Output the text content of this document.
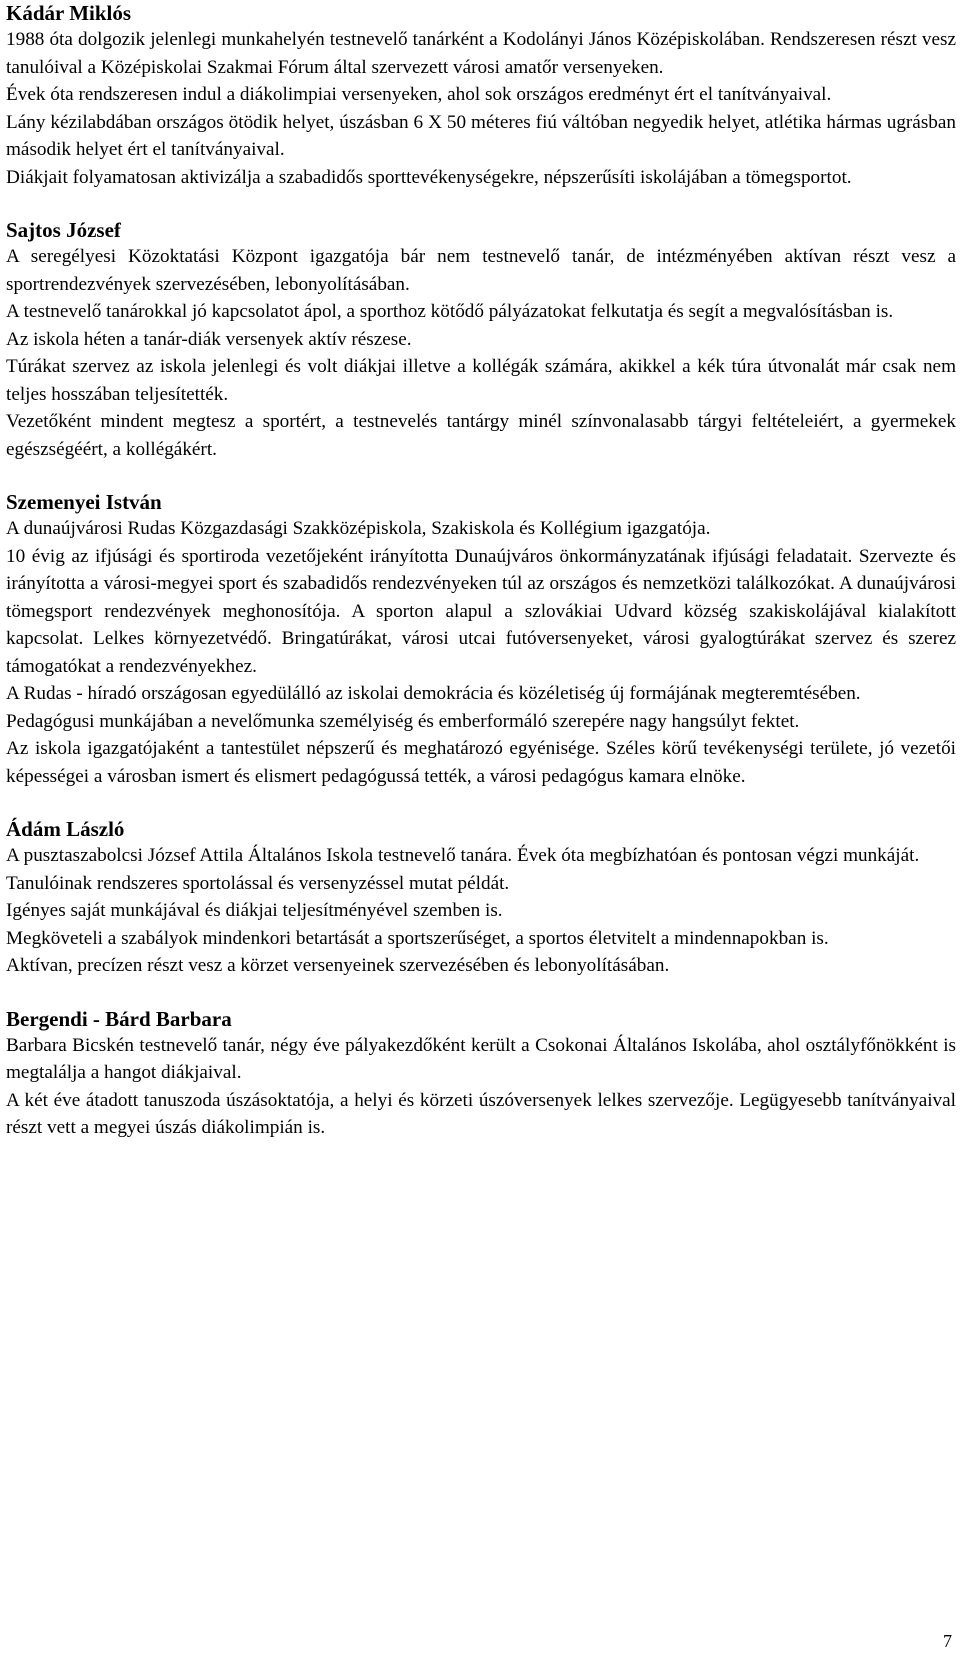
Kádár Miklós

1988 óta dolgozik jelenlegi munkahelyén testnevelő tanárként a Kodolányi János Középiskolában. Rendszeresen részt vesz tanulóival a Középiskolai Szakmai Fórum által szervezett városi amatőr versenyeken.

Évek óta rendszeresen indul a diákolimpiai versenyeken, ahol sok országos eredményt ért el tanítványaival.

Lány kézilabdában országos ötödik helyet, úszásban 6 X 50 méteres fiú váltóban negyedik helyet, atlétika hármas ugrásban második helyet ért el tanítványaival.

Diákjait folyamatosan aktivizálja a szabadidős sporttevékenységekre, népszerűsíti iskolájában a tömegsportot.

Sajtos József

A seregélyesi Közoktatási Központ igazgatója bár nem testnevelő tanár, de intézményében aktívan részt vesz a sportrendezvények szervezésében, lebonyolításában.

A testnevelő tanárokkal jó kapcsolatot ápol, a sporthoz kötődő pályázatokat felkutatja és segít a megvalósításban is.

Az iskola héten a tanár-diák versenyek aktív részese.

Túrákat szervez az iskola jelenlegi és volt diákjai illetve a kollégák számára, akikkel a kék túra útvonalát már csak nem teljes hosszában teljesítették.

Vezetőként mindent megtesz a sportért, a testnevelés tantárgy minél színvonalasabb tárgyi feltételeiért, a gyermekek egészségéért, a kollégákért.

Szemenyei István

A dunaújvárosi Rudas Közgazdasági Szakközépiskola, Szakiskola és Kollégium igazgatója.

10 évig az ifjúsági és sportiroda vezetőjeként irányította Dunaújváros önkormányzatának ifjúsági feladatait. Szervezte és irányította a városi-megyei sport és szabadidős rendezvényeken túl az országos és nemzetközi találkozókat. A dunaújvárosi tömegsport rendezvények meghonosítója. A sporton alapul a szlovákiai Udvard község szakiskolájával kialakított kapcsolat. Lelkes környezetvédő. Bringatúrákat, városi utcai futóversenyeket, városi gyalogtúrákat szervez és szerez támogatókat a rendezvényekhez.

A Rudas - híradó országosan egyedülálló az iskolai demokrácia és közéletiség új formájának megteremtésében.

Pedagógusi munkájában a nevelőmunka személyiség és emberformáló szerepére nagy hangsúlyt fektet.

Az iskola igazgatójaként a tantestület népszerű és meghatározó egyénisége. Széles körű tevékenységi területe, jó vezetői képességei a városban ismert és elismert pedagógussá tették, a városi pedagógus kamara elnöke.

Ádám László

A pusztaszabolcsi József Attila Általános Iskola testnevelő tanára. Évek óta megbízhatóan és pontosan végzi munkáját.

Tanulóinak rendszeres sportolással és versenyzéssel mutat példát.

Igényes saját munkájával és diákjai teljesítményével szemben is.

Megköveteli a szabályok mindenkori betartását a sportszerűséget, a sportos életvitelt a mindennapokban is.

Aktívan, precízen részt vesz a körzet versenyeinek szervezésében és lebonyolításában.

Bergendi - Bárd Barbara

Barbara Bicskén testnevelő tanár, négy éve pályakezdőként került a Csokonai Általános Iskolába, ahol osztályfőnökként is megtalálja a hangot diákjaival.

A két éve átadott tanuszoda úszásoktatója, a helyi és körzeti úszóversenyek lelkes szervezője. Legügyesebb tanítványaival részt vett a megyei úszás diákolimpián is.

7
